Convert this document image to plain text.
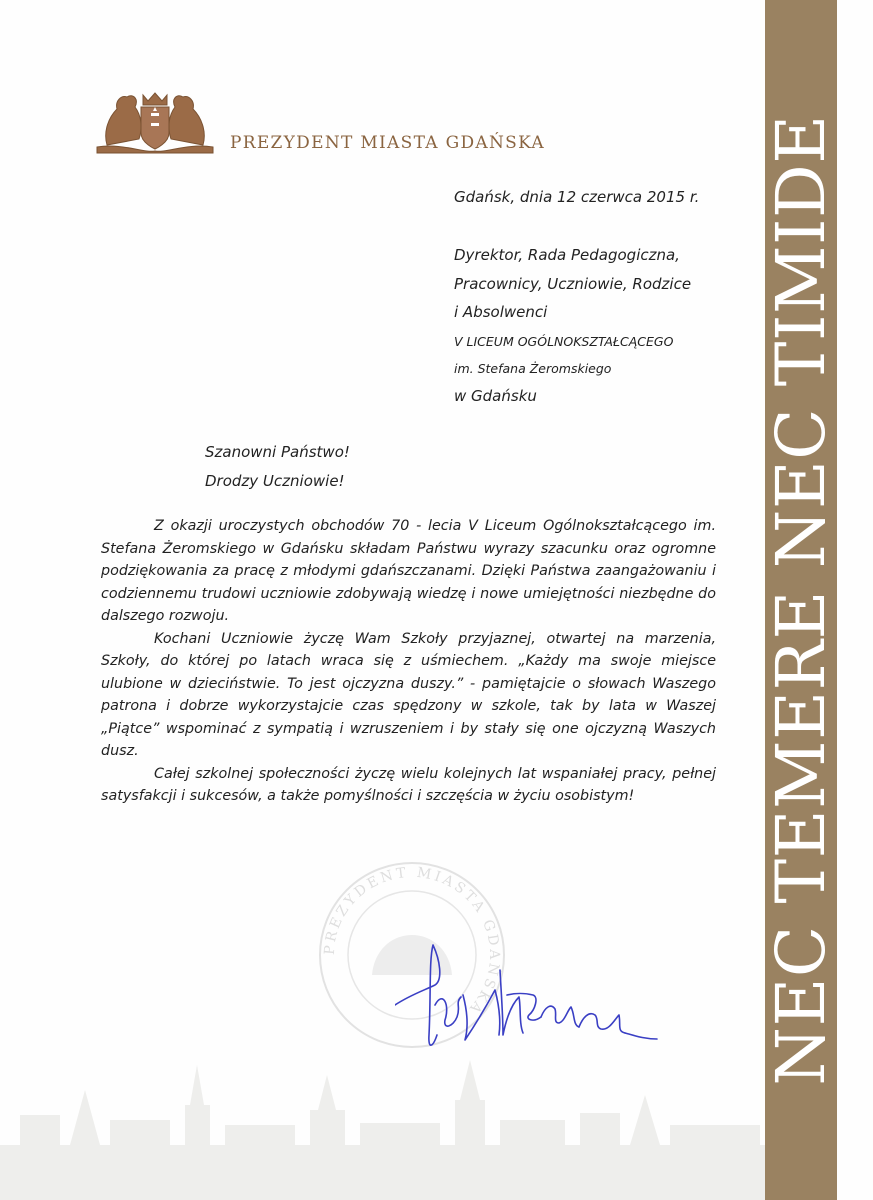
PREZYDENT MIASTA GDAŃSKA
Gdańsk, dnia 12 czerwca 2015 r.
Dyrektor, Rada Pedagogiczna,
Pracownicy, Uczniowie, Rodzice
i Absolwenci
V LICEUM OGÓLNOKSZTAŁCĄCEGO
im. Stefana Żeromskiego
w Gdańsku
Szanowni Państwo!
Drodzy Uczniowie!

Z okazji uroczystych obchodów 70 - lecia V Liceum Ogólnokształcącego im. Stefana Żeromskiego w Gdańsku składam Państwu wyrazy szacunku oraz ogromne podziękowania za pracę z młodymi gdańszczanami. Dzięki Państwa zaangażowaniu i codziennemu trudowi uczniowie zdobywają wiedzę i nowe umiejętności niezbędne do dalszego rozwoju.

Kochani Uczniowie życzę Wam Szkoły przyjaznej, otwartej na marzenia, Szkoły, do której po latach wraca się z uśmiechem. „Każdy ma swoje miejsce ulubione w dzieciństwie. To jest ojczyzna duszy.” - pamiętajcie o słowach Waszego patrona i dobrze wykorzystajcie czas spędzony w szkole, tak by lata w Waszej „Piątce” wspominać z sympatią i wzruszeniem i by stały się one ojczyzną Waszych dusz.

Całej szkolnej społeczności życzę wielu kolejnych lat wspaniałej pracy, pełnej satysfakcji i sukcesów, a także pomyślności i szczęścia w życiu osobistym!

PREZYDENT MIASTA GDAŃSKA	NEC TEMERE NEC TIMIDE
